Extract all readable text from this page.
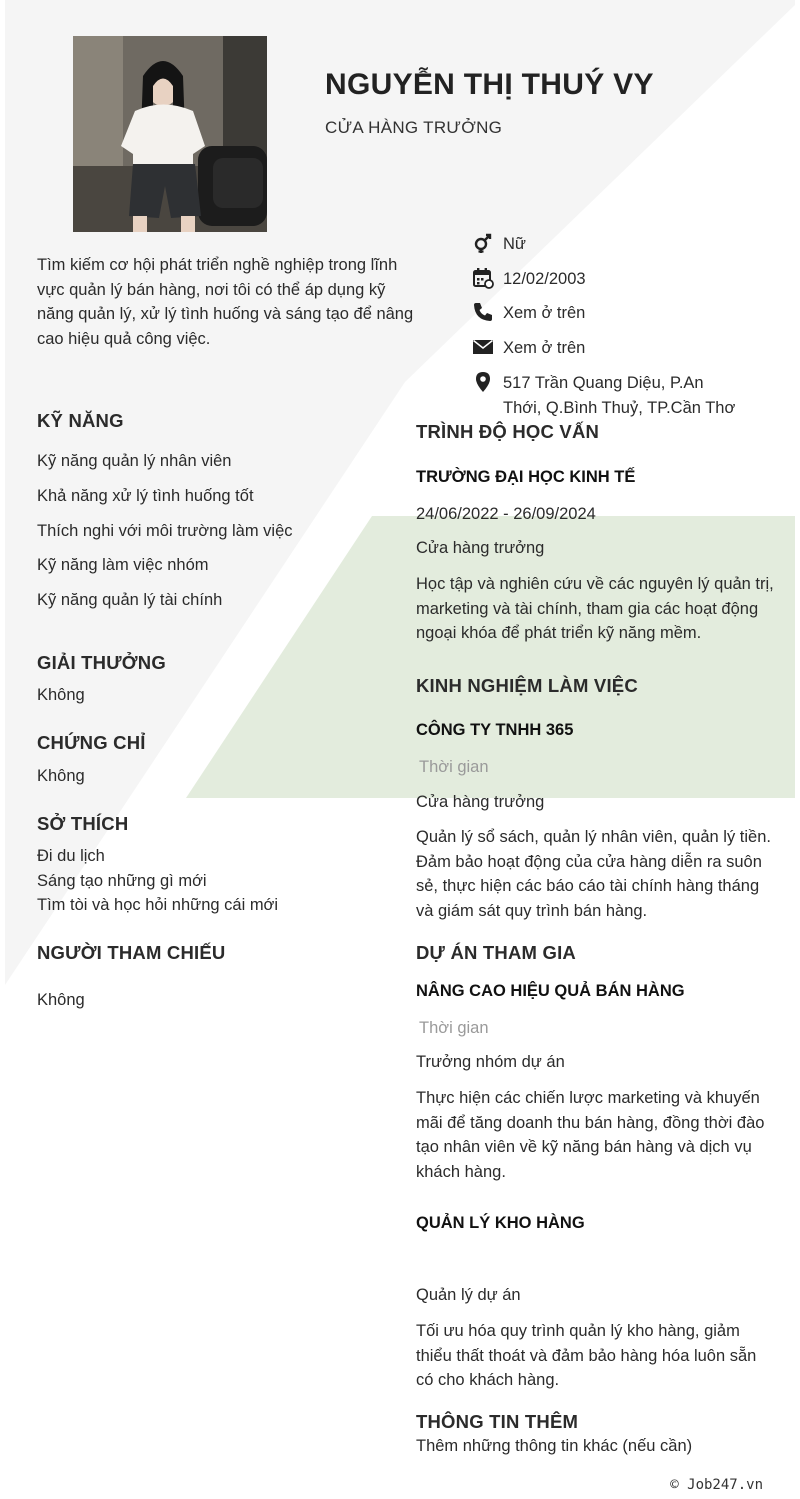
NGUYỄN THỊ THUÝ VY
CỬA HÀNG TRƯỞNG
Tìm kiếm cơ hội phát triển nghề nghiệp trong lĩnh vực quản lý bán hàng, nơi tôi có thể áp dụng kỹ năng quản lý, xử lý tình huống và sáng tạo để nâng cao hiệu quả công việc.
Nữ
12/02/2003
Xem ở trên
Xem ở trên
517 Trần Quang Diệu, P.An Thới, Q.Bình Thuỷ, TP.Cần Thơ
KỸ NĂNG
Kỹ năng quản lý nhân viên
Khả năng xử lý tình huống tốt
Thích nghi với môi trường làm việc
Kỹ năng làm việc nhóm
Kỹ năng quản lý tài chính
GIẢI THƯỞNG
Không
CHỨNG CHỈ
Không
SỞ THÍCH
Đi du lịch
Sáng tạo những gì mới
Tìm tòi và học hỏi những cái mới
NGƯỜI THAM CHIẾU
Không
TRÌNH ĐỘ HỌC VẤN
TRƯỜNG ĐẠI HỌC KINH TẾ
24/06/2022 - 26/09/2024
Cửa hàng trưởng
Học tập và nghiên cứu về các nguyên lý quản trị, marketing và tài chính, tham gia các hoạt động ngoại khóa để phát triển kỹ năng mềm.
KINH NGHIỆM LÀM VIỆC
CÔNG TY TNHH 365
Thời gian
Cửa hàng trưởng
Quản lý sổ sách, quản lý nhân viên, quản lý tiền. Đảm bảo hoạt động của cửa hàng diễn ra suôn sẻ, thực hiện các báo cáo tài chính hàng tháng và giám sát quy trình bán hàng.
DỰ ÁN THAM GIA
NÂNG CAO HIỆU QUẢ BÁN HÀNG
Thời gian
Trưởng nhóm dự án
Thực hiện các chiến lược marketing và khuyến mãi để tăng doanh thu bán hàng, đồng thời đào tạo nhân viên về kỹ năng bán hàng và dịch vụ khách hàng.
QUẢN LÝ KHO HÀNG
Quản lý dự án
Tối ưu hóa quy trình quản lý kho hàng, giảm thiểu thất thoát và đảm bảo hàng hóa luôn sẵn có cho khách hàng.
THÔNG TIN THÊM
Thêm những thông tin khác (nếu cần)
© Job247.vn
